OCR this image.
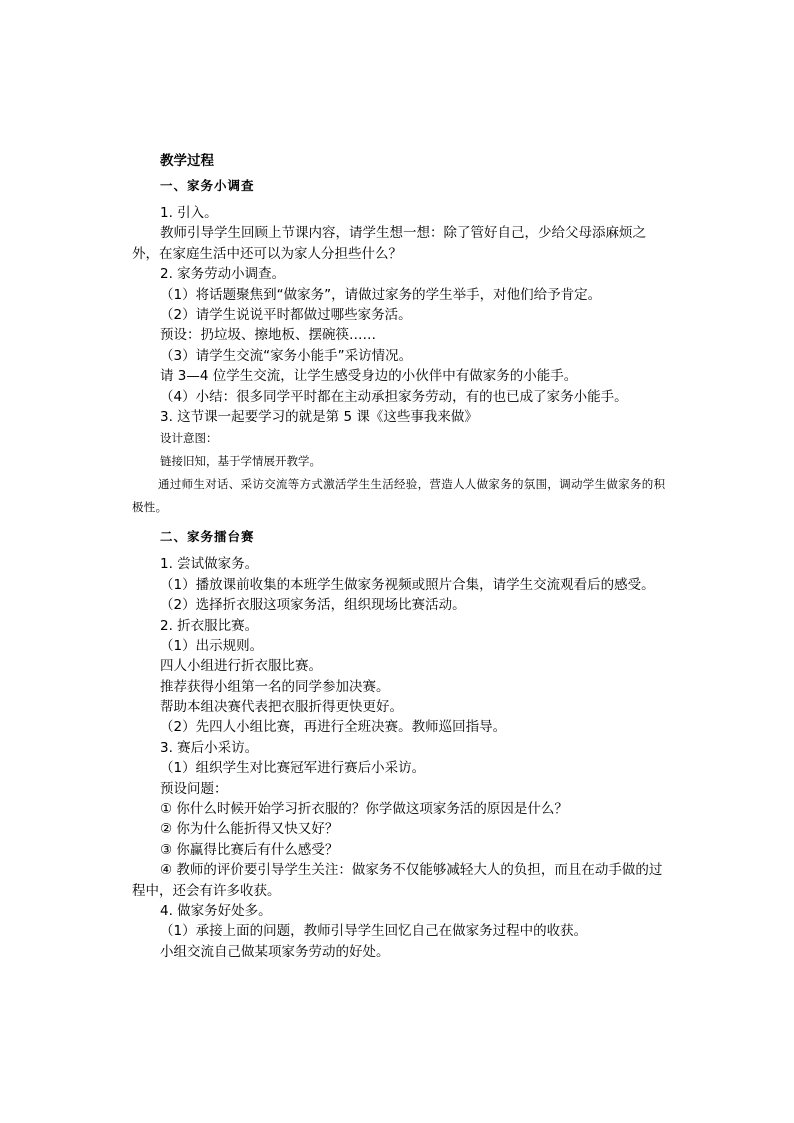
教学过程
一、家务小调查
1. 引入。
教师引导学生回顾上节课内容，请学生想一想：除了管好自己，少给父母添麻烦之外，在家庭生活中还可以为家人分担些什么？
2. 家务劳动小调查。
（1）将话题聚焦到“做家务”，请做过家务的学生举手，对他们给予肯定。
（2）请学生说说平时都做过哪些家务活。
预设：扔垃圾、擦地板、摆碗筷……
（3）请学生交流“家务小能手”采访情况。
请 3—4 位学生交流，让学生感受身边的小伙伴中有做家务的小能手。
（4）小结：很多同学平时都在主动承担家务劳动，有的也已成了家务小能手。
3. 这节课一起要学习的就是第 5 课《这些事我来做》
设计意图：
链接旧知，基于学情展开教学。
通过师生对话、采访交流等方式激活学生生活经验，营造人人做家务的氛围，调动学生做家务的积极性。
二、家务擂台赛
1. 尝试做家务。
（1）播放课前收集的本班学生做家务视频或照片合集，请学生交流观看后的感受。
（2）选择折衣服这项家务活，组织现场比赛活动。
2. 折衣服比赛。
（1）出示规则。
四人小组进行折衣服比赛。
推荐获得小组第一名的同学参加决赛。
帮助本组决赛代表把衣服折得更快更好。
（2）先四人小组比赛，再进行全班决赛。教师巡回指导。
3. 赛后小采访。
（1）组织学生对比赛冠军进行赛后小采访。
预设问题：
① 你什么时候开始学习折衣服的？你学做这项家务活的原因是什么？
② 你为什么能折得又快又好？
③ 你赢得比赛后有什么感受？
④ 教师的评价要引导学生关注：做家务不仅能够减轻大人的负担，而且在动手做的过程中，还会有许多收获。
4. 做家务好处多。
（1）承接上面的问题，教师引导学生回忆自己在做家务过程中的收获。
小组交流自己做某项家务劳动的好处。
